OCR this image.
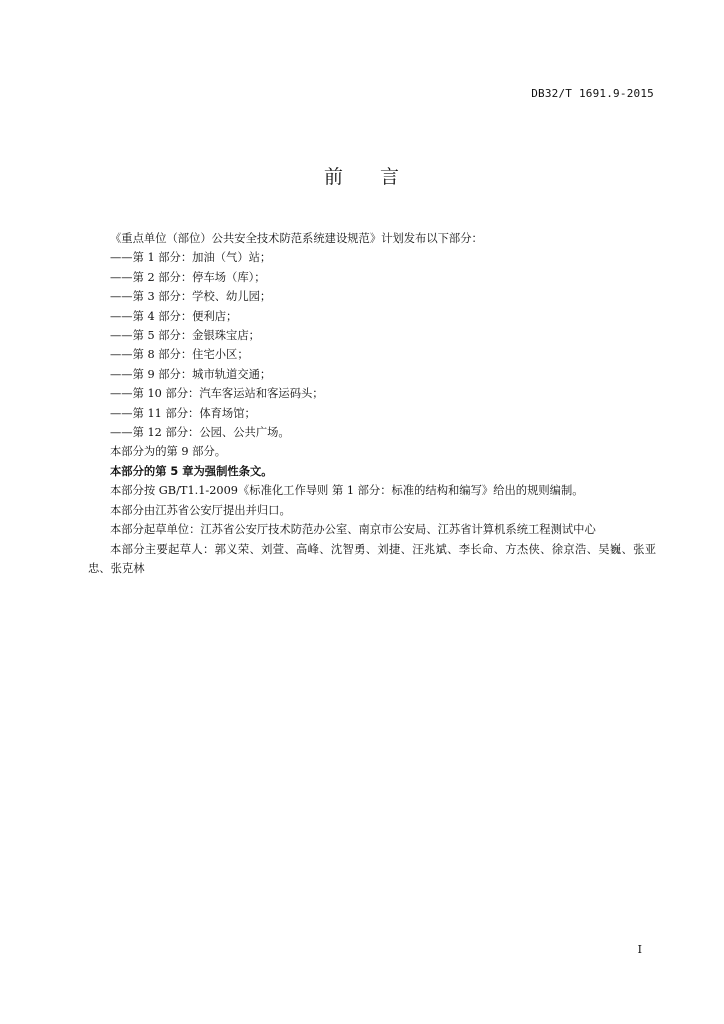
DB32/T 1691.9-2015
前 言
《重点单位（部位）公共安全技术防范系统建设规范》计划发布以下部分：
——第 1 部分：加油（气）站；
——第 2 部分：停车场（库）；
——第 3 部分：学校、幼儿园；
——第 4 部分：便利店；
——第 5 部分：金银珠宝店；
——第 8 部分：住宅小区；
——第 9 部分：城市轨道交通；
——第 10 部分：汽车客运站和客运码头；
——第 11 部分：体育场馆；
——第 12 部分：公园、公共广场。
本部分为的第 9 部分。
本部分的第 5 章为强制性条文。
本部分按 GB/T1.1-2009《标准化工作导则 第 1 部分：标准的结构和编写》给出的规则编制。
本部分由江苏省公安厅提出并归口。
本部分起草单位：江苏省公安厅技术防范办公室、南京市公安局、江苏省计算机系统工程测试中心
本部分主要起草人：郭义荣、刘萱、高峰、沈智勇、刘捷、汪兆斌、李长命、方杰侠、徐京浩、吴巍、张亚忠、张克林
I
